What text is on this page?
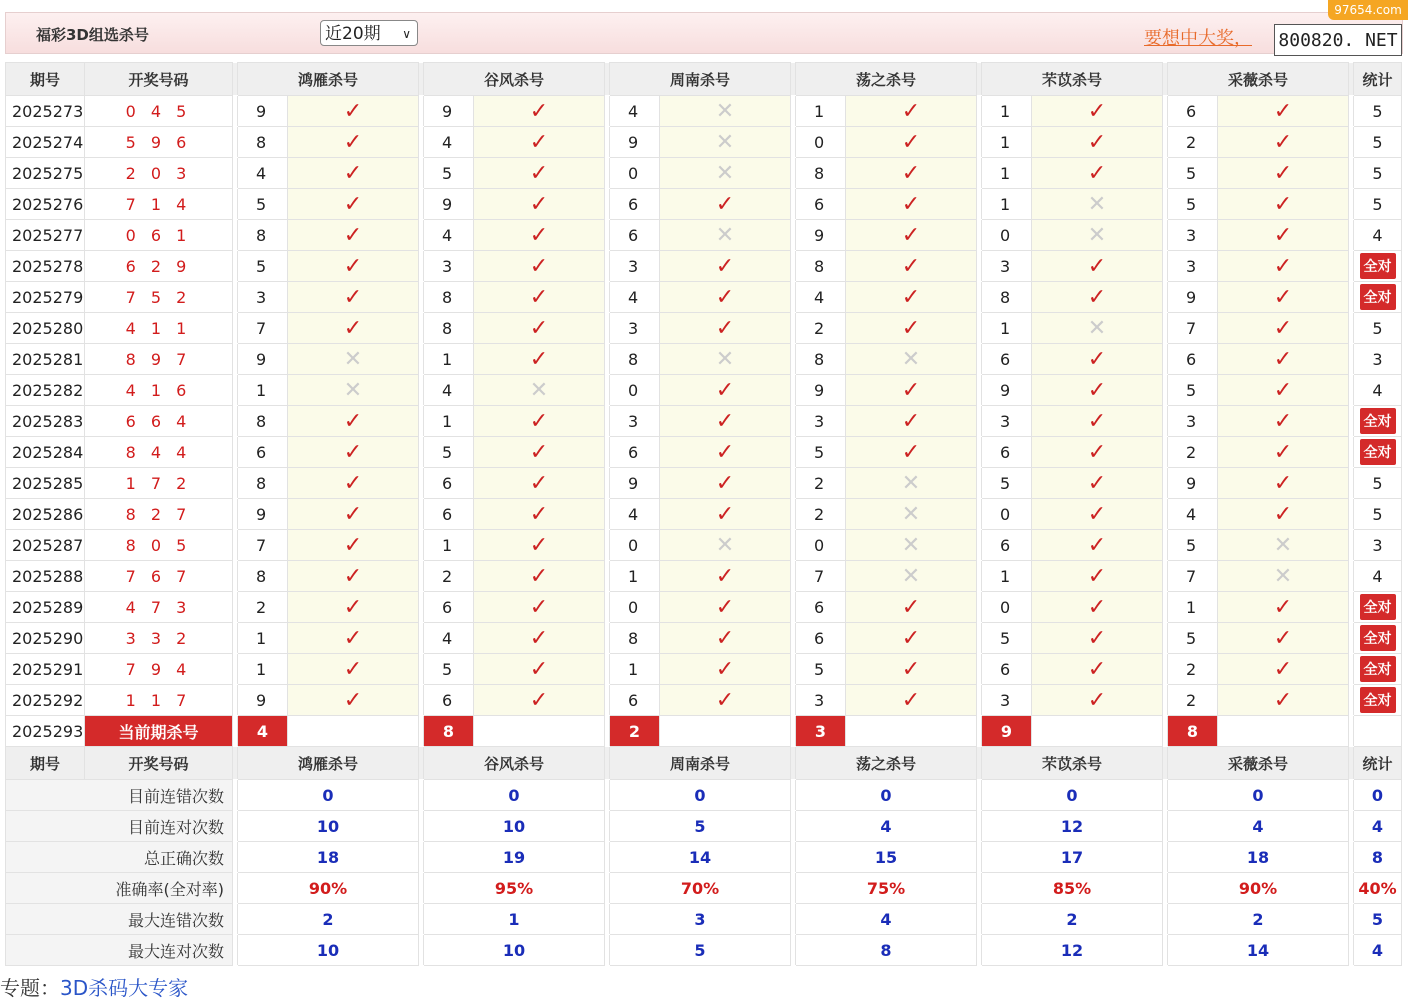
福彩3D组选杀号	近20期 ∨	要想中大奖， 800820. NET
97654.com
期号	开奖号码		鸿雁杀号			谷风杀号			周南杀号			荡之杀号			芣苡杀号			采薇杀号			统计
2025273	0 4 5		9	✓		9	✓		4	✕		1	✓		1	✓		6	✓		5
2025274	5 9 6		8	✓		4	✓		9	✕		0	✓		1	✓		2	✓		5
2025275	2 0 3		4	✓		5	✓		0	✕		8	✓		1	✓		5	✓		5
2025276	7 1 4		5	✓		9	✓		6	✓		6	✓		1	✕		5	✓		5
2025277	0 6 1		8	✓		4	✓		6	✕		9	✓		0	✕		3	✓		4
2025278	6 2 9		5	✓		3	✓		3	✓		8	✓		3	✓		3	✓		全对
2025279	7 5 2		3	✓		8	✓		4	✓		4	✓		8	✓		9	✓		全对
2025280	4 1 1		7	✓		8	✓		3	✓		2	✓		1	✕		7	✓		5
2025281	8 9 7		9	✕		1	✓		8	✕		8	✕		6	✓		6	✓		3
2025282	4 1 6		1	✕		4	✕		0	✓		9	✓		9	✓		5	✓		4
2025283	6 6 4		8	✓		1	✓		3	✓		3	✓		3	✓		3	✓		全对
2025284	8 4 4		6	✓		5	✓		6	✓		5	✓		6	✓		2	✓		全对
2025285	1 7 2		8	✓		6	✓		9	✓		2	✕		5	✓		9	✓		5
2025286	8 2 7		9	✓		6	✓		4	✓		2	✕		0	✓		4	✓		5
2025287	8 0 5		7	✓		1	✓		0	✕		0	✕		6	✓		5	✕		3
2025288	7 6 7		8	✓		2	✓		1	✓		7	✕		1	✓		7	✕		4
2025289	4 7 3		2	✓		6	✓		0	✓		6	✓		0	✓		1	✓		全对
2025290	3 3 2		1	✓		4	✓		8	✓		6	✓		5	✓		5	✓		全对
2025291	7 9 4		1	✓		5	✓		1	✓		5	✓		6	✓		2	✓		全对
2025292	1 1 7		9	✓		6	✓		6	✓		3	✓		3	✓		2	✓		全对
2025293	当前期杀号		4			8			2			3			9			8			
期号	开奖号码		鸿雁杀号			谷风杀号			周南杀号			荡之杀号			芣苡杀号			采薇杀号			统计
目前连错次数			0			0			0			0			0			0			0
目前连对次数			10			10			5			4			12			4			4
总正确次数			18			19			14			15			17			18			8
准确率(全对率)			90%			95%			70%			75%			85%			90%			40%
最大连错次数			2			1			3			4			2			2			5
最大连对次数			10			10			5			8			12			14			4
专题：3D杀码大专家
